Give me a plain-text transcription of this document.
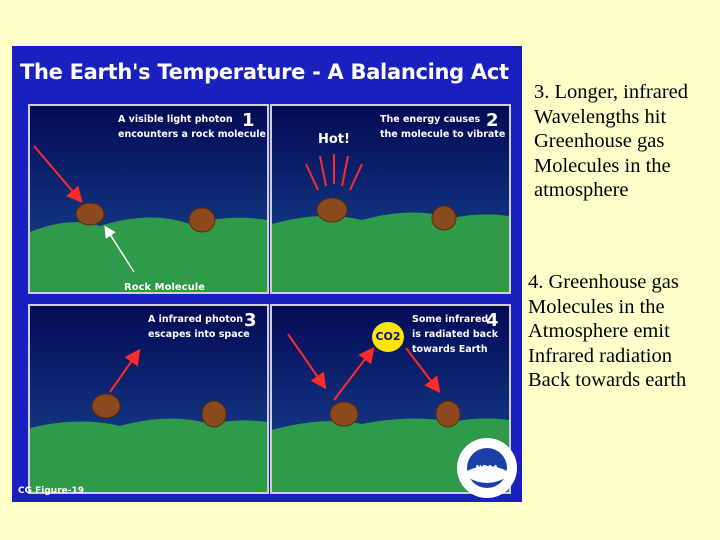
The Earth's Temperature - A Balancing Act
A visible light photon
encounters a rock molecule
1
Rock Molecule
Hot!
The energy causes
the molecule to vibrate
2
A infrared photon
escapes into space
3
CO2
Some infrared
is radiated back
towards Earth
4
CG Figure-19
NOAA
3. Longer, infrared
Wavelengths hit
Greenhouse gas
Molecules in the
atmosphere
4. Greenhouse gas
Molecules in the
Atmosphere emit
Infrared radiation
Back towards earth
